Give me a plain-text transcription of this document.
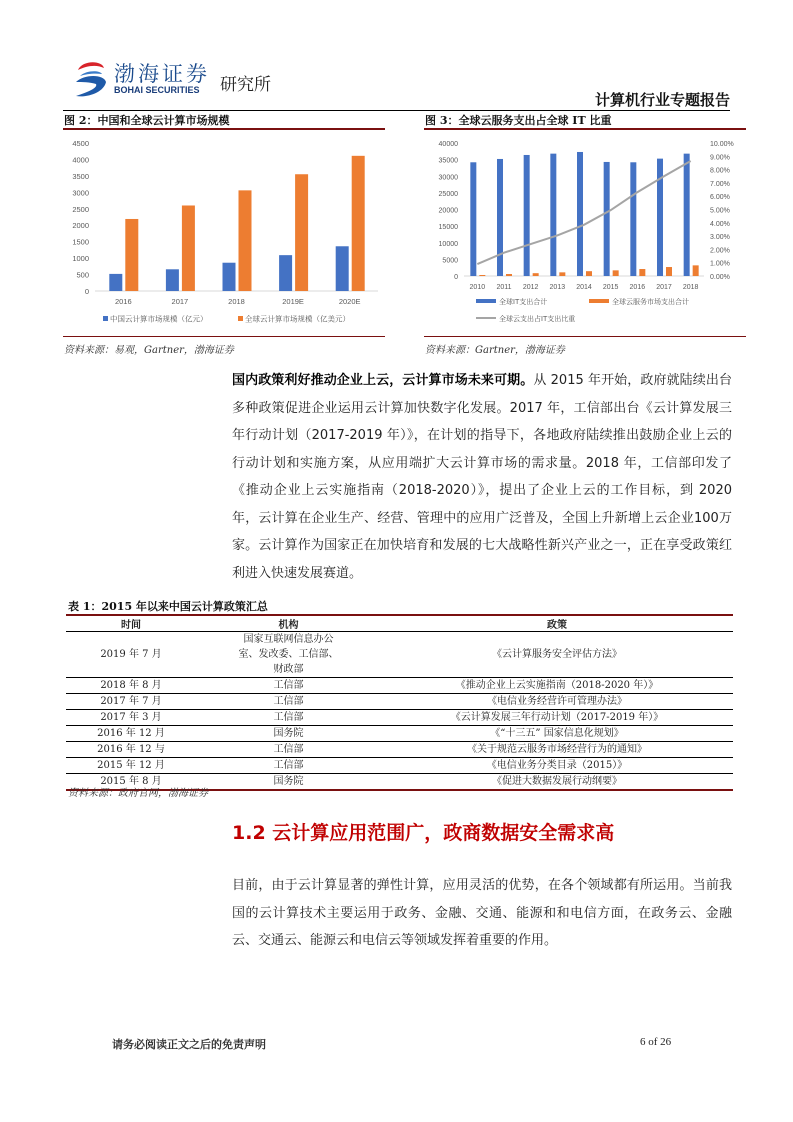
渤海证券
BOHAI SECURITIES 研究所
计算机行业专题报告
图 2：中国和全球云计算市场规模
0
500
1000
1500
2000
2500
3000
3500
4000
4500
2016	2017	2018	2019E	2020E
中国云计算市场规模（亿元）	全球云计算市场规模（亿美元）
资料来源：易观，Gartner，渤海证券
图 3：全球云服务支出占全球 IT 比重
0
5000
10000
15000
20000
25000
30000
35000
40000
0.00%
1.00%
2.00%
3.00%
4.00%
5.00%
6.00%
7.00%
8.00%
9.00%
10.00%
2010 2011 2012 2013 2014 2015 2016 2017 2018
全球IT支出合计	全球云服务市场支出合计
全球云支出占IT支出比重
资料来源：Gartner，渤海证券
国内政策利好推动企业上云，云计算市场未来可期。从 2015 年开始，政府就陆续出台多种政策促进企业运用云计算加快数字化发展。2017 年，工信部出台《云计算发展三年行动计划（2017-2019 年）》，在计划的指导下，各地政府陆续推出鼓励企业上云的行动计划和实施方案，从应用端扩大云计算市场的需求量。2018 年，工信部印发了《推动企业上云实施指南（2018-2020）》，提出了企业上云的工作目标，到 2020 年，云计算在企业生产、经营、管理中的应用广泛普及，全国上升新增上云企业100万家。云计算作为国家正在加快培育和发展的七大战略性新兴产业之一，正在享受政策红利进入快速发展赛道。
表 1：2015 年以来中国云计算政策汇总
时间	机构	政策
2019 年 7 月	国家互联网信息办公室、发改委、工信部、财政部	《云计算服务安全评估方法》
2018 年 8 月	工信部	《推动企业上云实施指南（2018-2020 年）》
2017 年 7 月	工信部	《电信业务经营许可管理办法》
2017 年 3 月	工信部	《云计算发展三年行动计划（2017-2019 年）》
2016 年 12 月	国务院	《“十三五” 国家信息化规划》
2016 年 12 与	工信部	《关于规范云服务市场经营行为的通知》
2015 年 12 月	工信部	《电信业务分类目录（2015）》
2015 年 8 月	国务院	《促进大数据发展行动纲要》
资料来源：政府官网，渤海证券
1.2 云计算应用范围广，政商数据安全需求高
目前，由于云计算显著的弹性计算，应用灵活的优势，在各个领域都有所运用。当前我国的云计算技术主要运用于政务、金融、交通、能源和和电信方面，在政务云、金融云、交通云、能源云和电信云等领域发挥着重要的作用。
请务必阅读正文之后的免责声明	6 of 26
